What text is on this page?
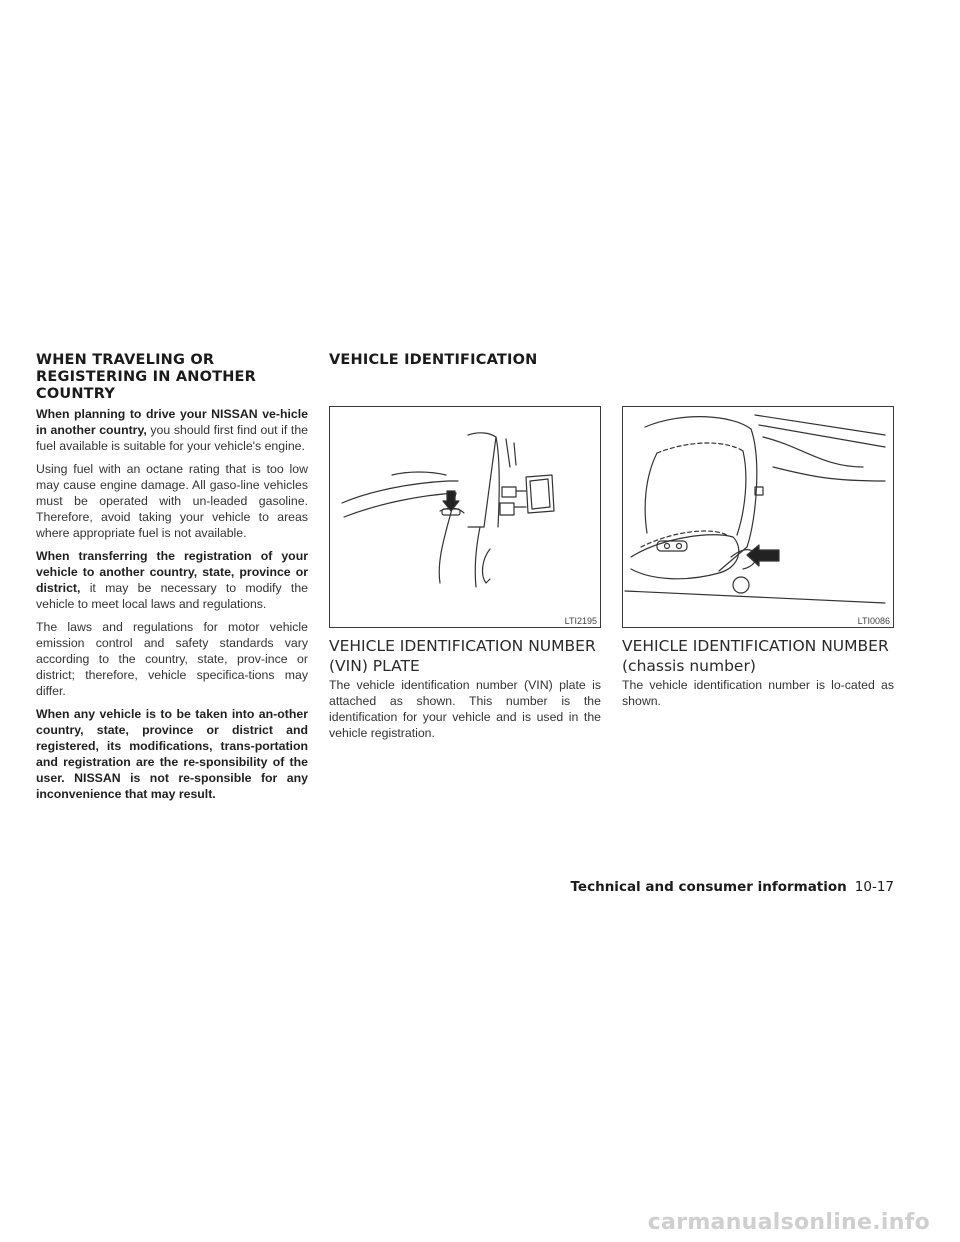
WHEN TRAVELING OR REGISTERING IN ANOTHER COUNTRY
VEHICLE IDENTIFICATION

When planning to drive your NISSAN ve-hicle in another country, you should first find out if the fuel available is suitable for your vehicle's engine.

Using fuel with an octane rating that is too low may cause engine damage. All gaso-line vehicles must be operated with un-leaded gasoline. Therefore, avoid taking your vehicle to areas where appropriate fuel is not available.

When transferring the registration of your vehicle to another country, state, province or district, it may be necessary to modify the vehicle to meet local laws and regulations.

The laws and regulations for motor vehicle emission control and safety standards vary according to the country, state, prov-ince or district; therefore, vehicle specifica-tions may differ.

When any vehicle is to be taken into an-other country, state, province or district and registered, its modifications, trans-portation and registration are the re-sponsibility of the user. NISSAN is not re-sponsible for any inconvenience that may result.

LTI2195	LTI0086
VEHICLE IDENTIFICATION NUMBER
(VIN) PLATE
VEHICLE IDENTIFICATION NUMBER
(chassis number)

The vehicle identification number (VIN) plate is attached as shown. This number is the identification for your vehicle and is used in the vehicle registration.

The vehicle identification number is lo-cated as shown.

Technical and consumer information 10-17
carmanualsonline.info
